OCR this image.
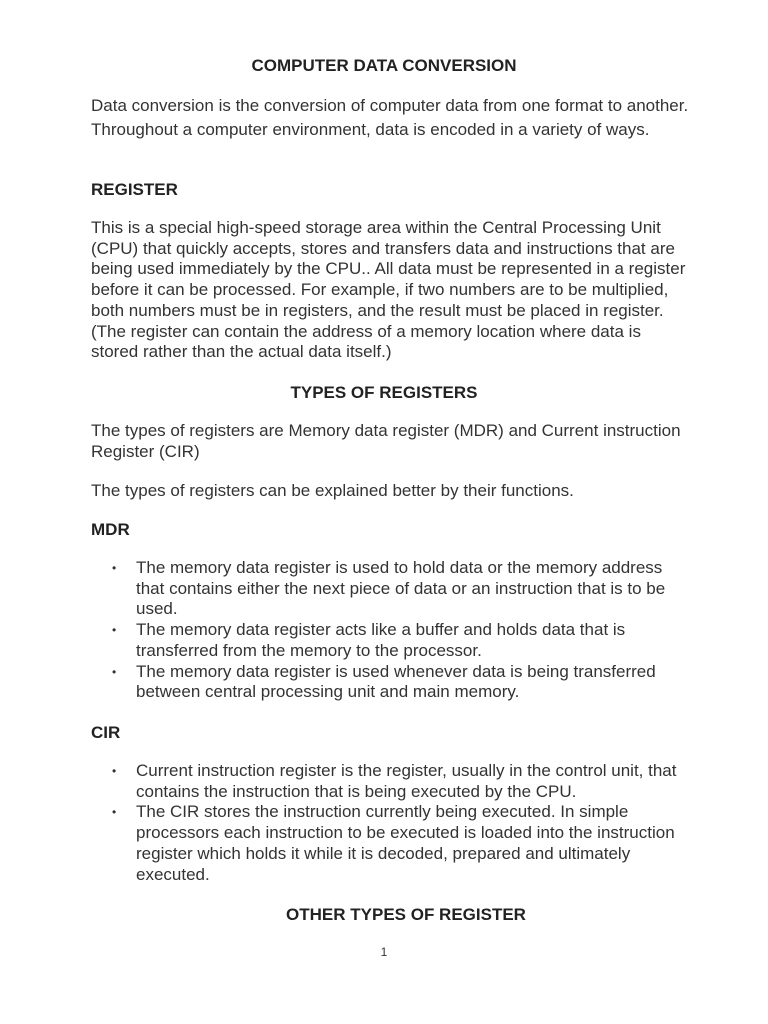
COMPUTER DATA CONVERSION

Data conversion is the conversion of computer data from one format to another. Throughout a computer environment, data is encoded in a variety of ways.

REGISTER

This is a special high-speed storage area within the Central Processing Unit (CPU) that quickly accepts, stores and transfers data and instructions that are being used immediately by the CPU.. All data must be represented in a register before it can be processed. For example, if two numbers are to be multiplied, both numbers must be in registers, and the result must be placed in register. (The register can contain the address of a memory location where data is stored rather than the actual data itself.)

TYPES OF REGISTERS

The types of registers are Memory data register (MDR) and Current instruction Register (CIR)

The types of registers can be explained better by their functions.

MDR
•	The memory data register is used to hold data or the memory address that contains either the next piece of data or an instruction that is to be used.
•	The memory data register acts like a buffer and holds data that is transferred from the memory to the processor.
•	The memory data register is used whenever data is being transferred between central processing unit and main memory.
CIR
•	Current instruction register is the register, usually in the control unit, that contains the instruction that is being executed by the CPU.
•	The CIR stores the instruction currently being executed. In simple processors each instruction to be executed is loaded into the instruction register which holds it while it is decoded, prepared and ultimately executed.
OTHER TYPES OF REGISTER
1
